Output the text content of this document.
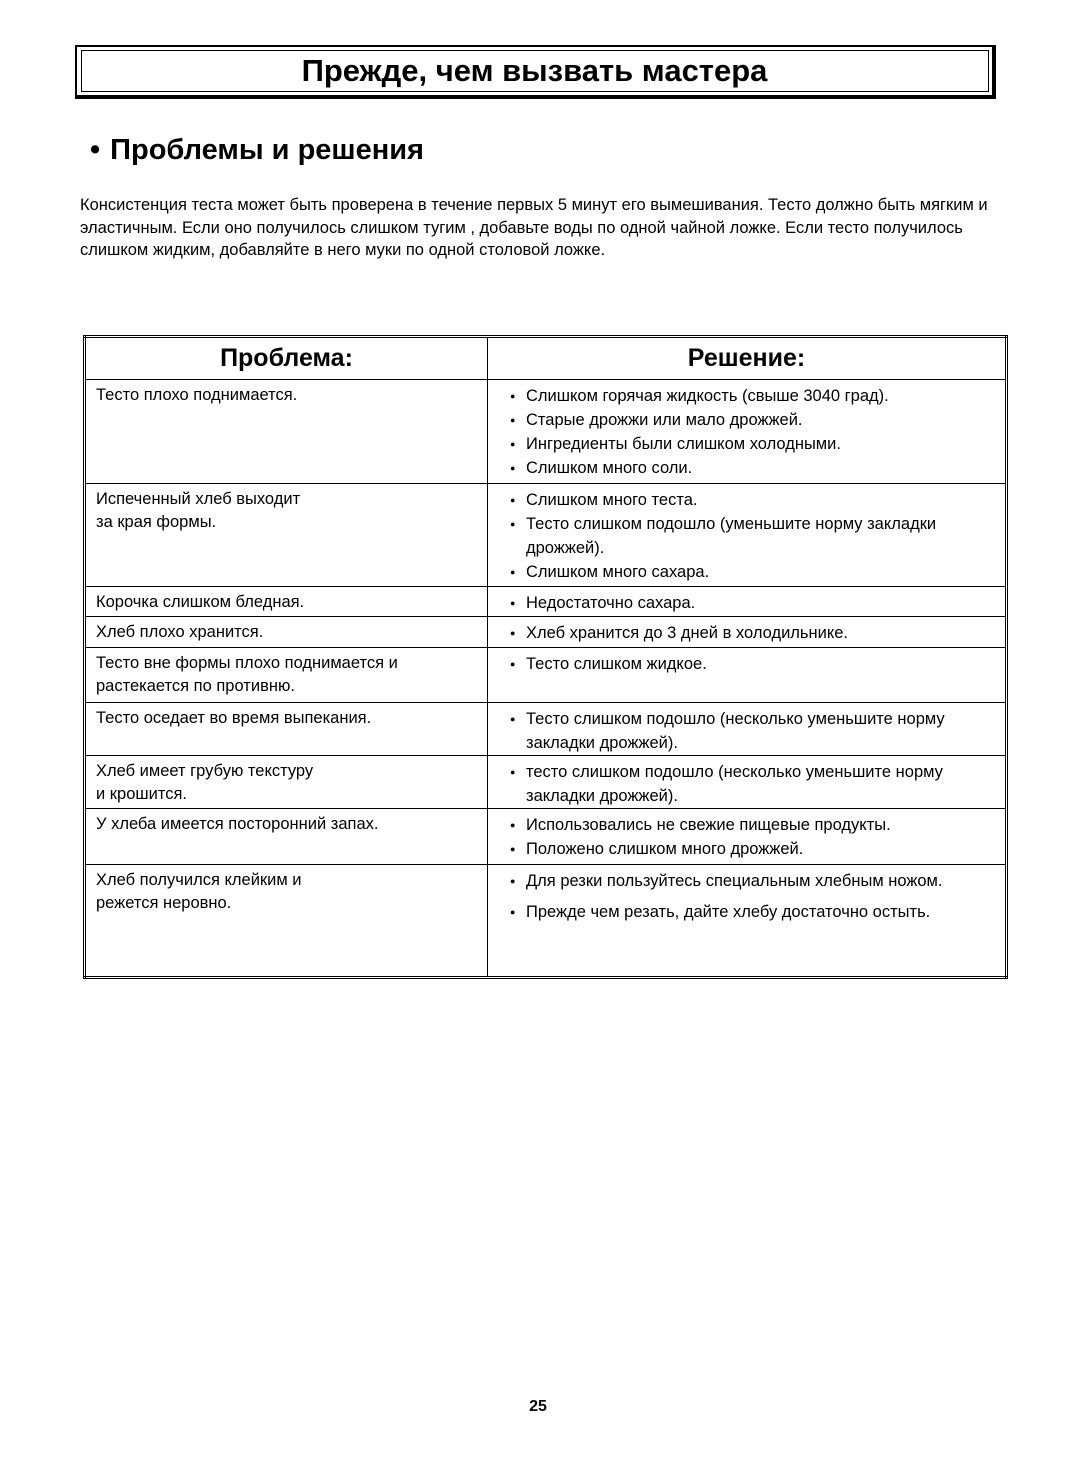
Прежде, чем вызвать мастера
• Проблемы и решения
Консистенция теста может быть проверена в течение первых 5 минут его вымешивания. Тесто должно быть мягким и эластичным. Если оно получилось слишком тугим , добавьте воды по одной чайной ложке. Если тесто получилось слишком жидким, добавляйте в него муки по одной столовой ложке.
Проблема:	Решение:
Тесто плохо поднимается.	● Слишком горячая жидкость (свыше 3040 град).
● Старые дрожжи или мало дрожжей.
● Ингредиенты были слишком холодными.
● Слишком много соли.

Испеченный хлеб выходит
за края формы.	● Слишком много теста.
● Тесто слишком подошло (уменьшите норму закладки дрожжей).
● Слишком много сахара.

Корочка слишком бледная.	● Недостаточно сахара.

Хлеб плохо хранится.	● Хлеб хранится до 3 дней в холодильнике.

Тесто вне формы плохо поднимается и растекается по противню.	● Тесто слишком жидкое.

Тесто оседает во время выпекания.	● Тесто слишком подошло (несколько уменьшите норму закладки дрожжей).

Хлеб имеет грубую текстуру
и крошится.	● тесто слишком подошло (несколько уменьшите норму закладки дрожжей).

У хлеба имеется посторонний запах.	● Использовались не свежие пищевые продукты.
● Положено слишком много дрожжей.

Хлеб получился клейким и
режется неровно.	● Для резки пользуйтесь специальным хлебным ножом.
● Прежде чем резать, дайте хлебу достаточно остыть.
25
